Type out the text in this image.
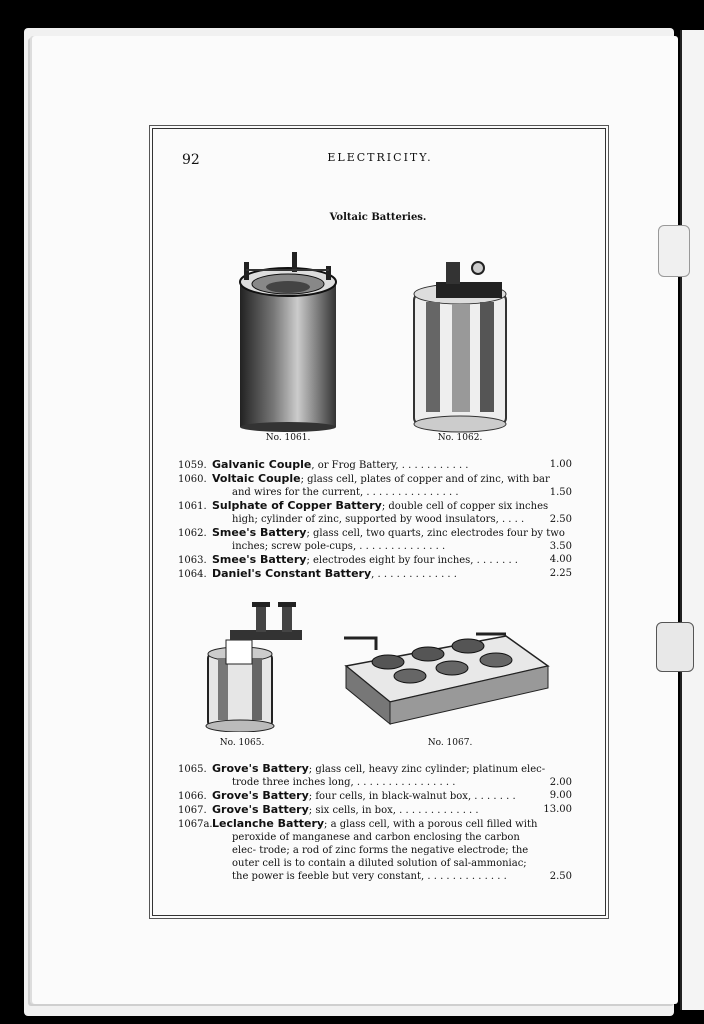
92	ELECTRICITY.
Voltaic Batteries.
No. 1061.	No. 1062.
1059. Galvanic Couple, or Frog Battery, . . . . . . . . . . .	1.00
1060. Voltaic Couple; glass cell, plates of copper and of zinc, with bar
and wires for the current, . . . . . . . . . . . . . . .	1.50
1061. Sulphate of Copper Battery; double cell of copper six inches
high; cylinder of zinc, supported by wood insulators, . . . .	2.50
1062. Smee's Battery; glass cell, two quarts, zinc electrodes four by two
inches; screw pole-cups, . . . . . . . . . . . . . .	3.50
1063. Smee's Battery; electrodes eight by four inches, . . . . . . .	4.00
1064. Daniel's Constant Battery, . . . . . . . . . . . . .	2.25
No. 1065.	No. 1067.
1065. Grove's Battery; glass cell, heavy zinc cylinder; platinum elec-
trode three inches long, . . . . . . . . . . . . . . . .	2.00
1066. Grove's Battery; four cells, in black-walnut box, . . . . . . .	9.00
1067. Grove's Battery; six cells, in box, . . . . . . . . . . . . .	13.00
1067a.Leclanche Battery; a glass cell, with a porous cell filled with
peroxide of manganese and carbon enclosing the carbon elec- trode; a rod of zinc forms the negative electrode; the outer cell is to contain a diluted solution of sal-ammoniac; the power is feeble but very constant, . . . . . . . . . . . . .	2.50
